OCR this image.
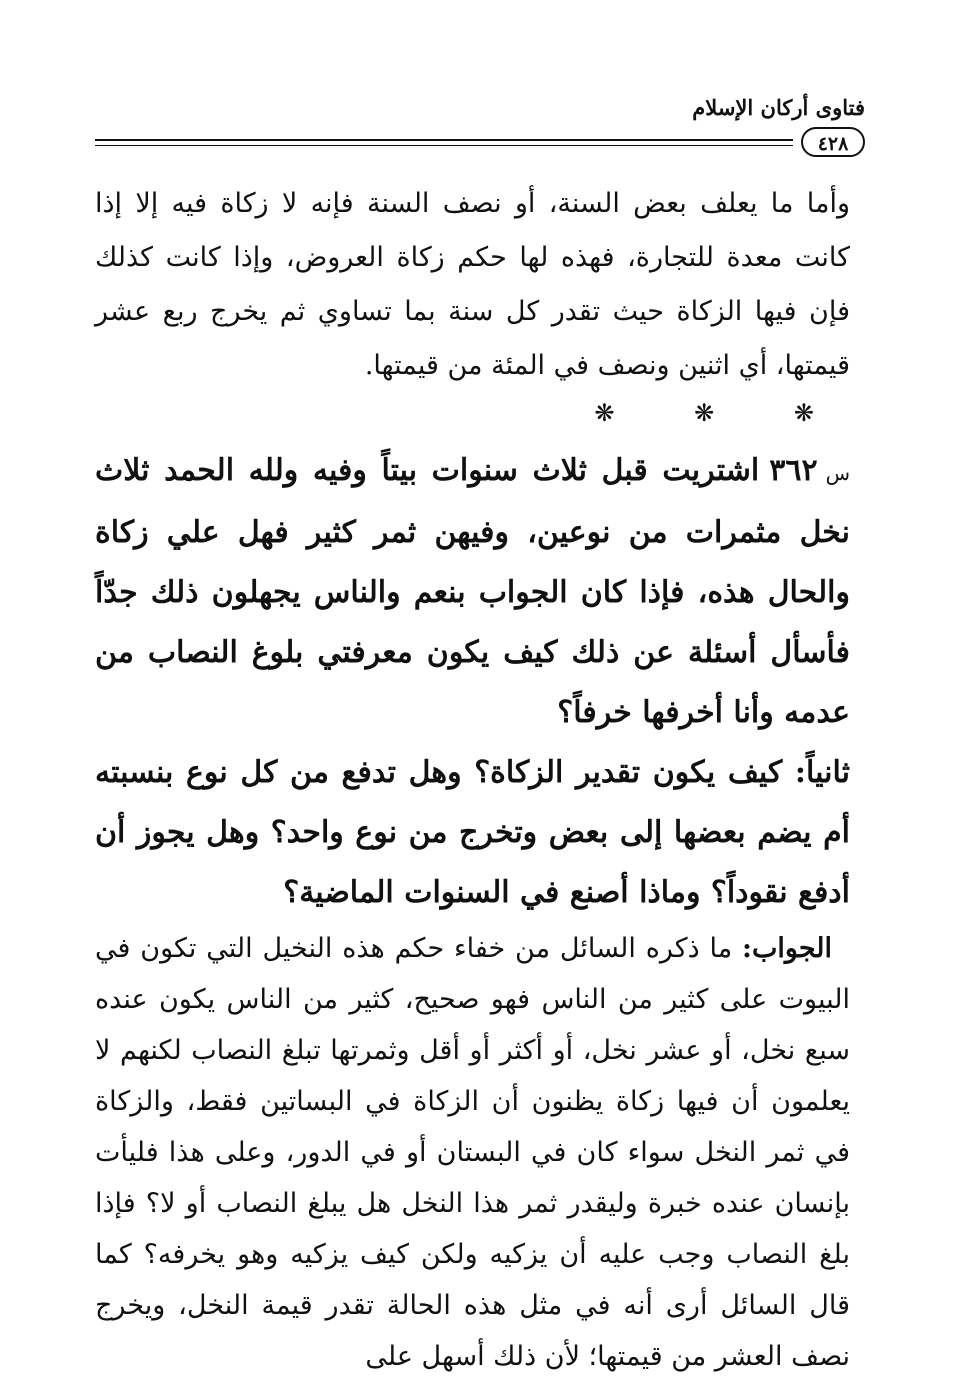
فتاوى أركان الإسلام
٤٢٨

وأما ما يعلف بعض السنة، أو نصف السنة فإنه لا زكاة فيه إلا إذا كانت معدة للتجارة، فهذه لها حكم زكاة العروض، وإذا كانت كذلك فإن فيها الزكاة حيث تقدر كل سنة بما تساوي ثم يخرج ربع عشر قيمتها، أي اثنين ونصف في المئة من قيمتها.

❋ ❋ ❋

س٣٦٢اشتريت قبل ثلاث سنوات بيتاً وفيه ولله الحمد ثلاث نخل مثمرات من نوعين، وفيهن ثمر كثير فهل علي زكاة والحال هذه، فإذا كان الجواب بنعم والناس يجهلون ذلك جدّاً فأسأل أسئلة عن ذلك كيف يكون معرفتي بلوغ النصاب من عدمه وأنا أخرفها خرفاً؟

ثانياً: كيف يكون تقدير الزكاة؟ وهل تدفع من كل نوع بنسبته أم يضم بعضها إلى بعض وتخرج من نوع واحد؟ وهل يجوز أن أدفع نقوداً؟ وماذا أصنع في السنوات الماضية؟

الجواب: ما ذكره السائل من خفاء حكم هذه النخيل التي تكون في البيوت على كثير من الناس فهو صحيح، كثير من الناس يكون عنده سبع نخل، أو عشر نخل، أو أكثر أو أقل وثمرتها تبلغ النصاب لكنهم لا يعلمون أن فيها زكاة يظنون أن الزكاة في البساتين فقط، والزكاة في ثمر النخل سواء كان في البستان أو في الدور، وعلى هذا فليأت بإنسان عنده خبرة وليقدر ثمر هذا النخل هل يبلغ النصاب أو لا؟ فإذا بلغ النصاب وجب عليه أن يزكيه ولكن كيف يزكيه وهو يخرفه؟ كما قال السائل أرى أنه في مثل هذه الحالة تقدر قيمة النخل، ويخرج نصف العشر من قيمتها؛ لأن ذلك أسهل على
